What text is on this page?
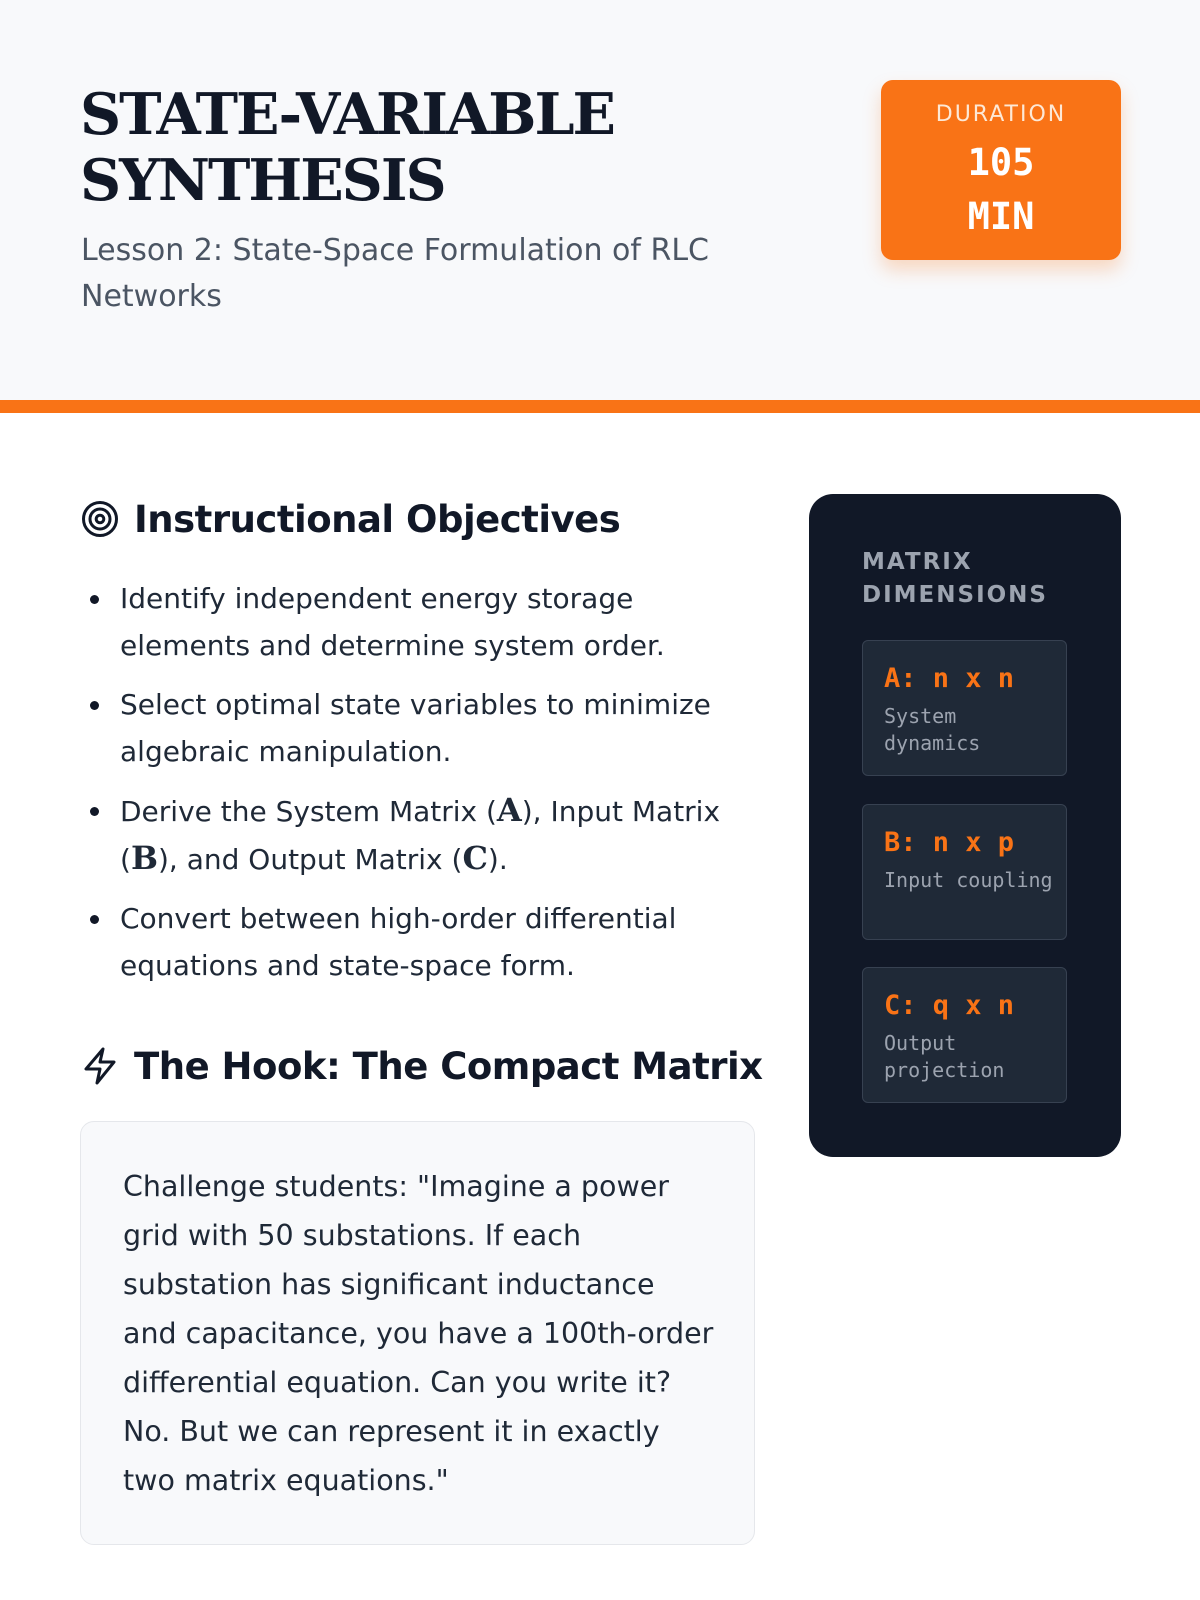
STATE-VARIABLE
SYNTHESIS

Lesson 2: State-Space Formulation of RLC Networks

DURATION
105
MIN
Instructional Objectives
Identify independent energy storage elements and determine system order.
Select optimal state variables to minimize algebraic manipulation.
Derive the System Matrix (A), Input Matrix (B), and Output Matrix (C).
Convert between high-order differential equations and state-space form.
The Hook: The Compact Matrix

Challenge students: "Imagine a power grid with 50 substations. If each substation has significant inductance and capacitance, you have a 100th-order differential equation. Can you write it? No. But we can represent it in exactly two matrix equations."

MATRIX DIMENSIONS
A: n x n
System dynamics
B: n x p
Input coupling
C: q x n
Output projection
